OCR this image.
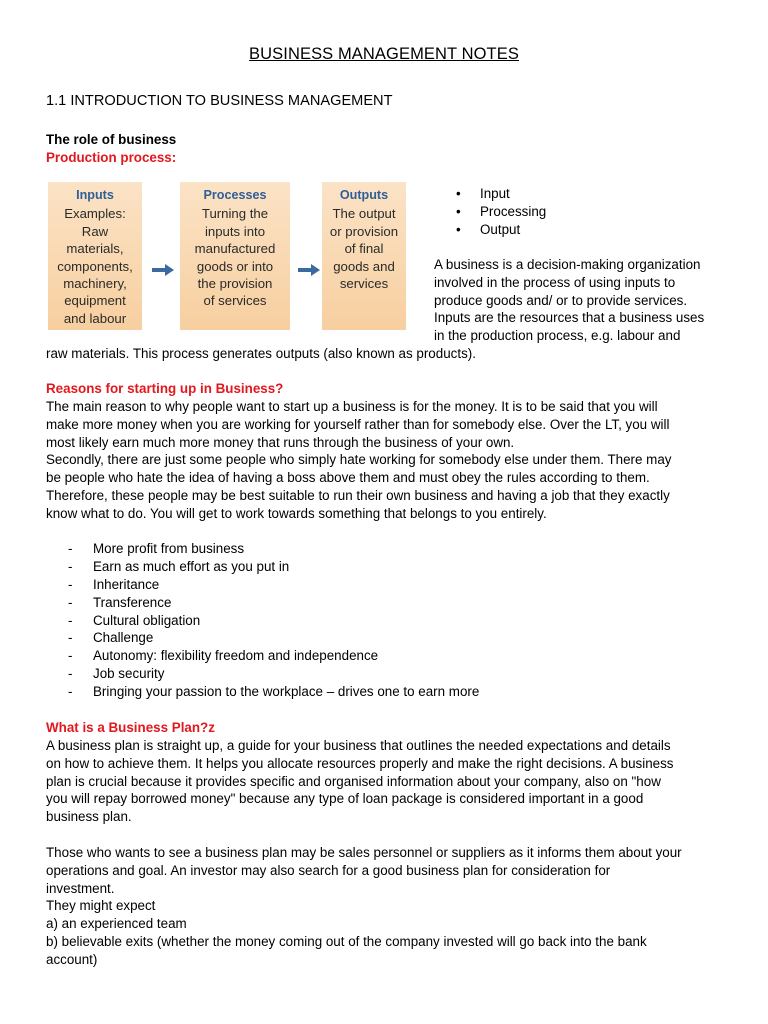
BUSINESS MANAGEMENT NOTES
1.1 INTRODUCTION TO BUSINESS MANAGEMENT
The role of business
Production process:
Inputs
Examples:
Raw
materials,
components,
machinery,
equipment
and labour
Processes
Turning the
inputs into
manufactured
goods or into
the provision
of services
Outputs
The output
or provision
of final
goods and
services
• Input
• Processing
• Output
A business is a decision-making organization
involved in the process of using inputs to
produce goods and/ or to provide services.
Inputs are the resources that a business uses
in the production process, e.g. labour and
raw materials. This process generates outputs (also known as products).
Reasons for starting up in Business?
The main reason to why people want to start up a business is for the money. It is to be said that you will
make more money when you are working for yourself rather than for somebody else. Over the LT, you will
most likely earn much more money that runs through the business of your own.
Secondly, there are just some people who simply hate working for somebody else under them. There may
be people who hate the idea of having a boss above them and must obey the rules according to them.
Therefore, these people may be best suitable to run their own business and having a job that they exactly
know what to do. You will get to work towards something that belongs to you entirely.
- More profit from business
- Earn as much effort as you put in
- Inheritance
- Transference
- Cultural obligation
- Challenge
- Autonomy: flexibility freedom and independence
- Job security
- Bringing your passion to the workplace – drives one to earn more
What is a Business Plan?z
A business plan is straight up, a guide for your business that outlines the needed expectations and details
on how to achieve them. It helps you allocate resources properly and make the right decisions. A business
plan is crucial because it provides specific and organised information about your company, also on "how
you will repay borrowed money" because any type of loan package is considered important in a good
business plan.
Those who wants to see a business plan may be sales personnel or suppliers as it informs them about your
operations and goal. An investor may also search for a good business plan for consideration for
investment.
They might expect
a) an experienced team
b) believable exits (whether the money coming out of the company invested will go back into the bank
account)
